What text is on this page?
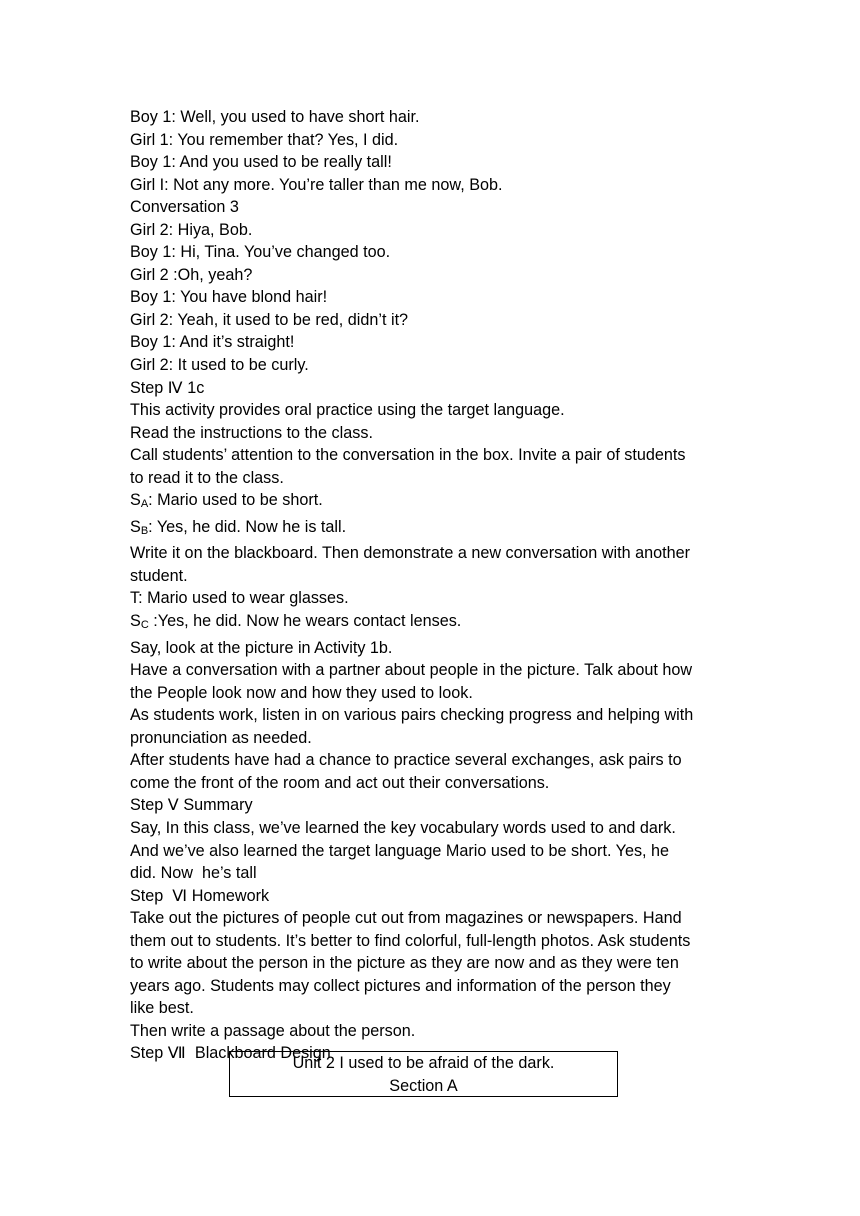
Boy 1: Well, you used to have short hair.
Girl 1: You remember that? Yes, I did.
Boy 1: And you used to be really tall!
Girl I: Not any more. You’re taller than me now, Bob.
Conversation 3
Girl 2: Hiya, Bob.
Boy 1: Hi, Tina. You’ve changed too.
Girl 2 :Oh, yeah?
Boy 1: You have blond hair!
Girl 2: Yeah, it used to be red, didn’t it?
Boy 1: And it’s straight!
Girl 2: It used to be curly.
Step Ⅳ 1c
This activity provides oral practice using the target language.
Read the instructions to the class.
Call students’ attention to the conversation in the box. Invite a pair of students
to read it to the class.
SA: Mario used to be short.
SB: Yes, he did. Now he is tall.
Write it on the blackboard. Then demonstrate a new conversation with another
student.
T: Mario used to wear glasses.
SC :Yes, he did. Now he wears contact lenses.
Say, look at the picture in Activity 1b.
Have a conversation with a partner about people in the picture. Talk about how
the People look now and how they used to look.
As students work, listen in on various pairs checking progress and helping with
pronunciation as needed.
After students have had a chance to practice several exchanges, ask pairs to
come the front of the room and act out their conversations.
Step Ⅴ Summary
Say, In this class, we’ve learned the key vocabulary words used to and dark.
And we’ve also learned the target language Mario used to be short. Yes, he
did. Now  he’s tall
Step  Ⅵ Homework
Take out the pictures of people cut out from magazines or newspapers. Hand
them out to students. It’s better to find colorful, full-length photos. Ask students
to write about the person in the picture as they are now and as they were ten
years ago. Students may collect pictures and information of the person they
like best.
Then write a passage about the person.
Step Ⅶ  Blackboard Design
Unit 2 I used to be afraid of the dark.
Section A
